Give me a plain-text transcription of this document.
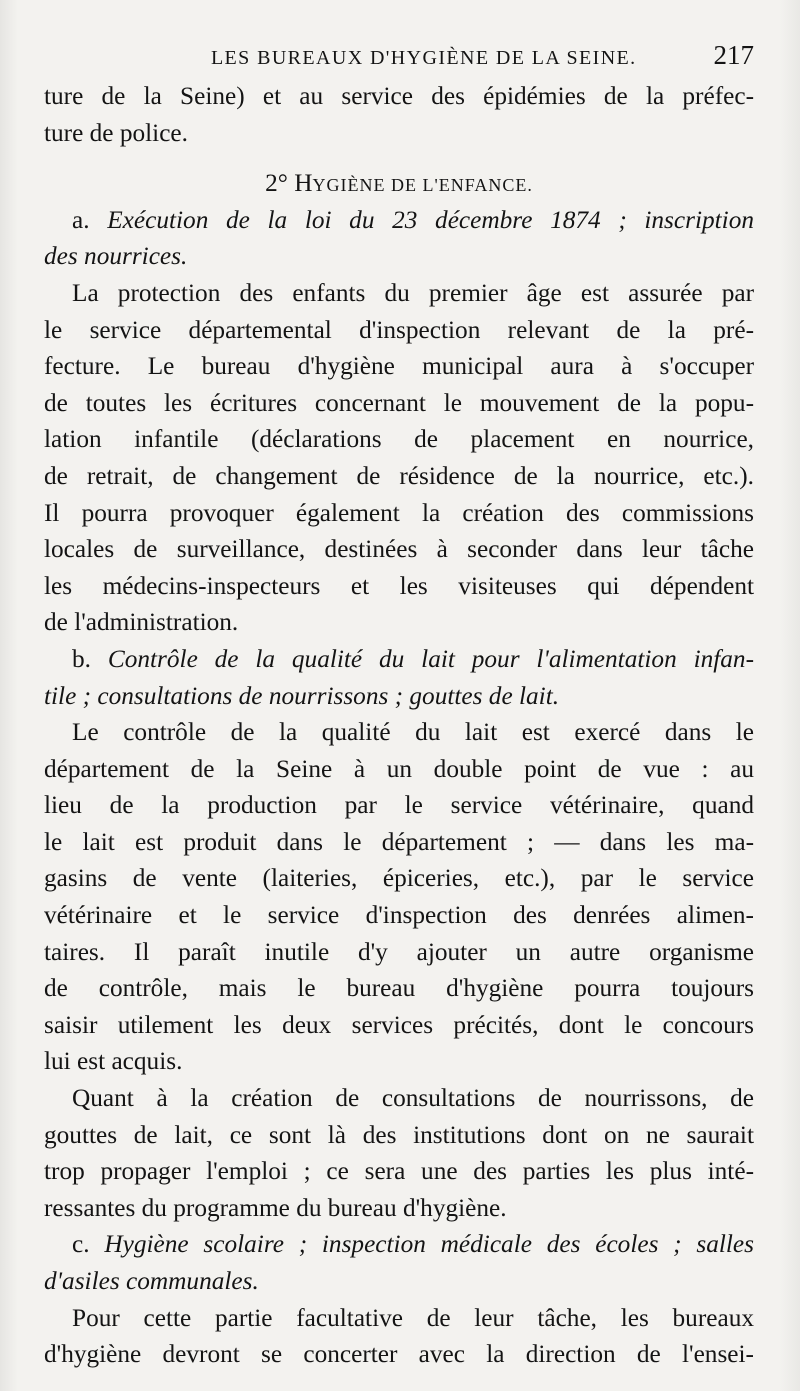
LES BUREAUX D'HYGIÈNE DE LA SEINE.	217
ture de la Seine) et au service des épidémies de la préfec-
ture de police.
2° HYGIÈNE DE L'ENFANCE.
a. Exécution de la loi du 23 décembre 1874 ; inscription
des nourrices.
La protection des enfants du premier âge est assurée par
le service départemental d'inspection relevant de la pré-
fecture. Le bureau d'hygiène municipal aura à s'occuper
de toutes les écritures concernant le mouvement de la popu-
lation infantile (déclarations de placement en nourrice,
de retrait, de changement de résidence de la nourrice, etc.).
Il pourra provoquer également la création des commissions
locales de surveillance, destinées à seconder dans leur tâche
les médecins-inspecteurs et les visiteuses qui dépendent
de l'administration.
b. Contrôle de la qualité du lait pour l'alimentation infan-
tile ; consultations de nourrissons ; gouttes de lait.
Le contrôle de la qualité du lait est exercé dans le
département de la Seine à un double point de vue : au
lieu de la production par le service vétérinaire, quand
le lait est produit dans le département ; — dans les ma-
gasins de vente (laiteries, épiceries, etc.), par le service
vétérinaire et le service d'inspection des denrées alimen-
taires. Il paraît inutile d'y ajouter un autre organisme
de contrôle, mais le bureau d'hygiène pourra toujours
saisir utilement les deux services précités, dont le concours
lui est acquis.
Quant à la création de consultations de nourrissons, de
gouttes de lait, ce sont là des institutions dont on ne saurait
trop propager l'emploi ; ce sera une des parties les plus inté-
ressantes du programme du bureau d'hygiène.
c. Hygiène scolaire ; inspection médicale des écoles ; salles
d'asiles communales.
Pour cette partie facultative de leur tâche, les bureaux
d'hygiène devront se concerter avec la direction de l'ensei-
